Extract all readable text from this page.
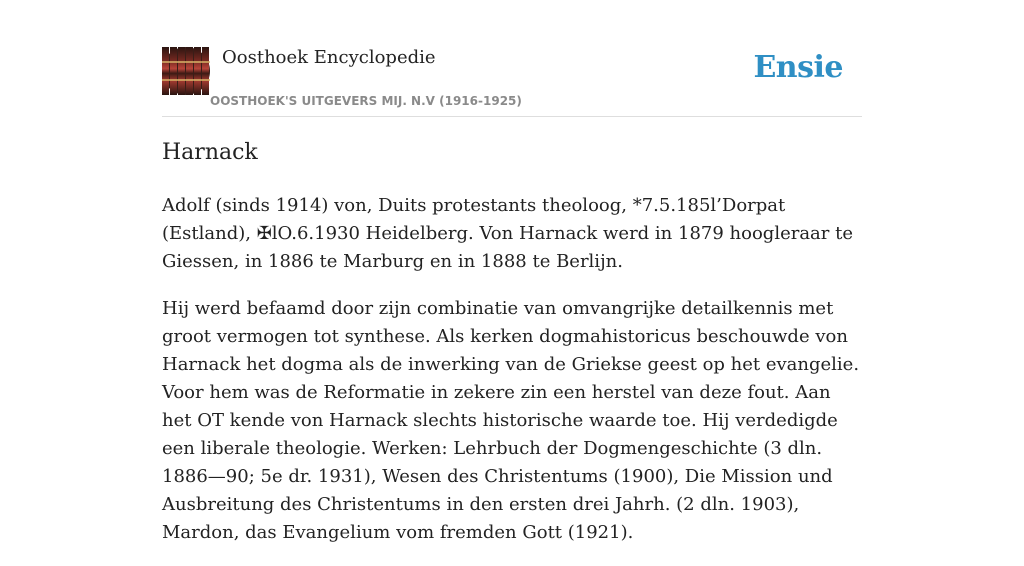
Oosthoek Encyclopedie
OOSTHOEK'S UITGEVERS MIJ. N.V (1916-1925)
Ensie
Harnack

Adolf (sinds 1914) von, Duits protestants theoloog, *7.5.185l’Dorpat (Estland), ✠lO.6.1930 Heidelberg. Von Harnack werd in 1879 hoogleraar te Giessen, in 1886 te Marburg en in 1888 te Berlijn.

Hij werd befaamd door zijn combinatie van omvangrijke detailkennis met groot vermogen tot synthese. Als kerken dogmahistoricus beschouwde von Harnack het dogma als de inwerking van de Griekse geest op het evangelie. Voor hem was de Reformatie in zekere zin een herstel van deze fout. Aan het OT kende von Harnack slechts historische waarde toe. Hij verdedigde een liberale theologie. Werken: Lehrbuch der Dogmengeschichte (3 dln. 1886—90; 5e dr. 1931), Wesen des Christentums (1900), Die Mission und Ausbreitung des Christentums in den ersten drei Jahrh. (2 dln. 1903), Mardon, das Evangelium vom fremden Gott (1921).
